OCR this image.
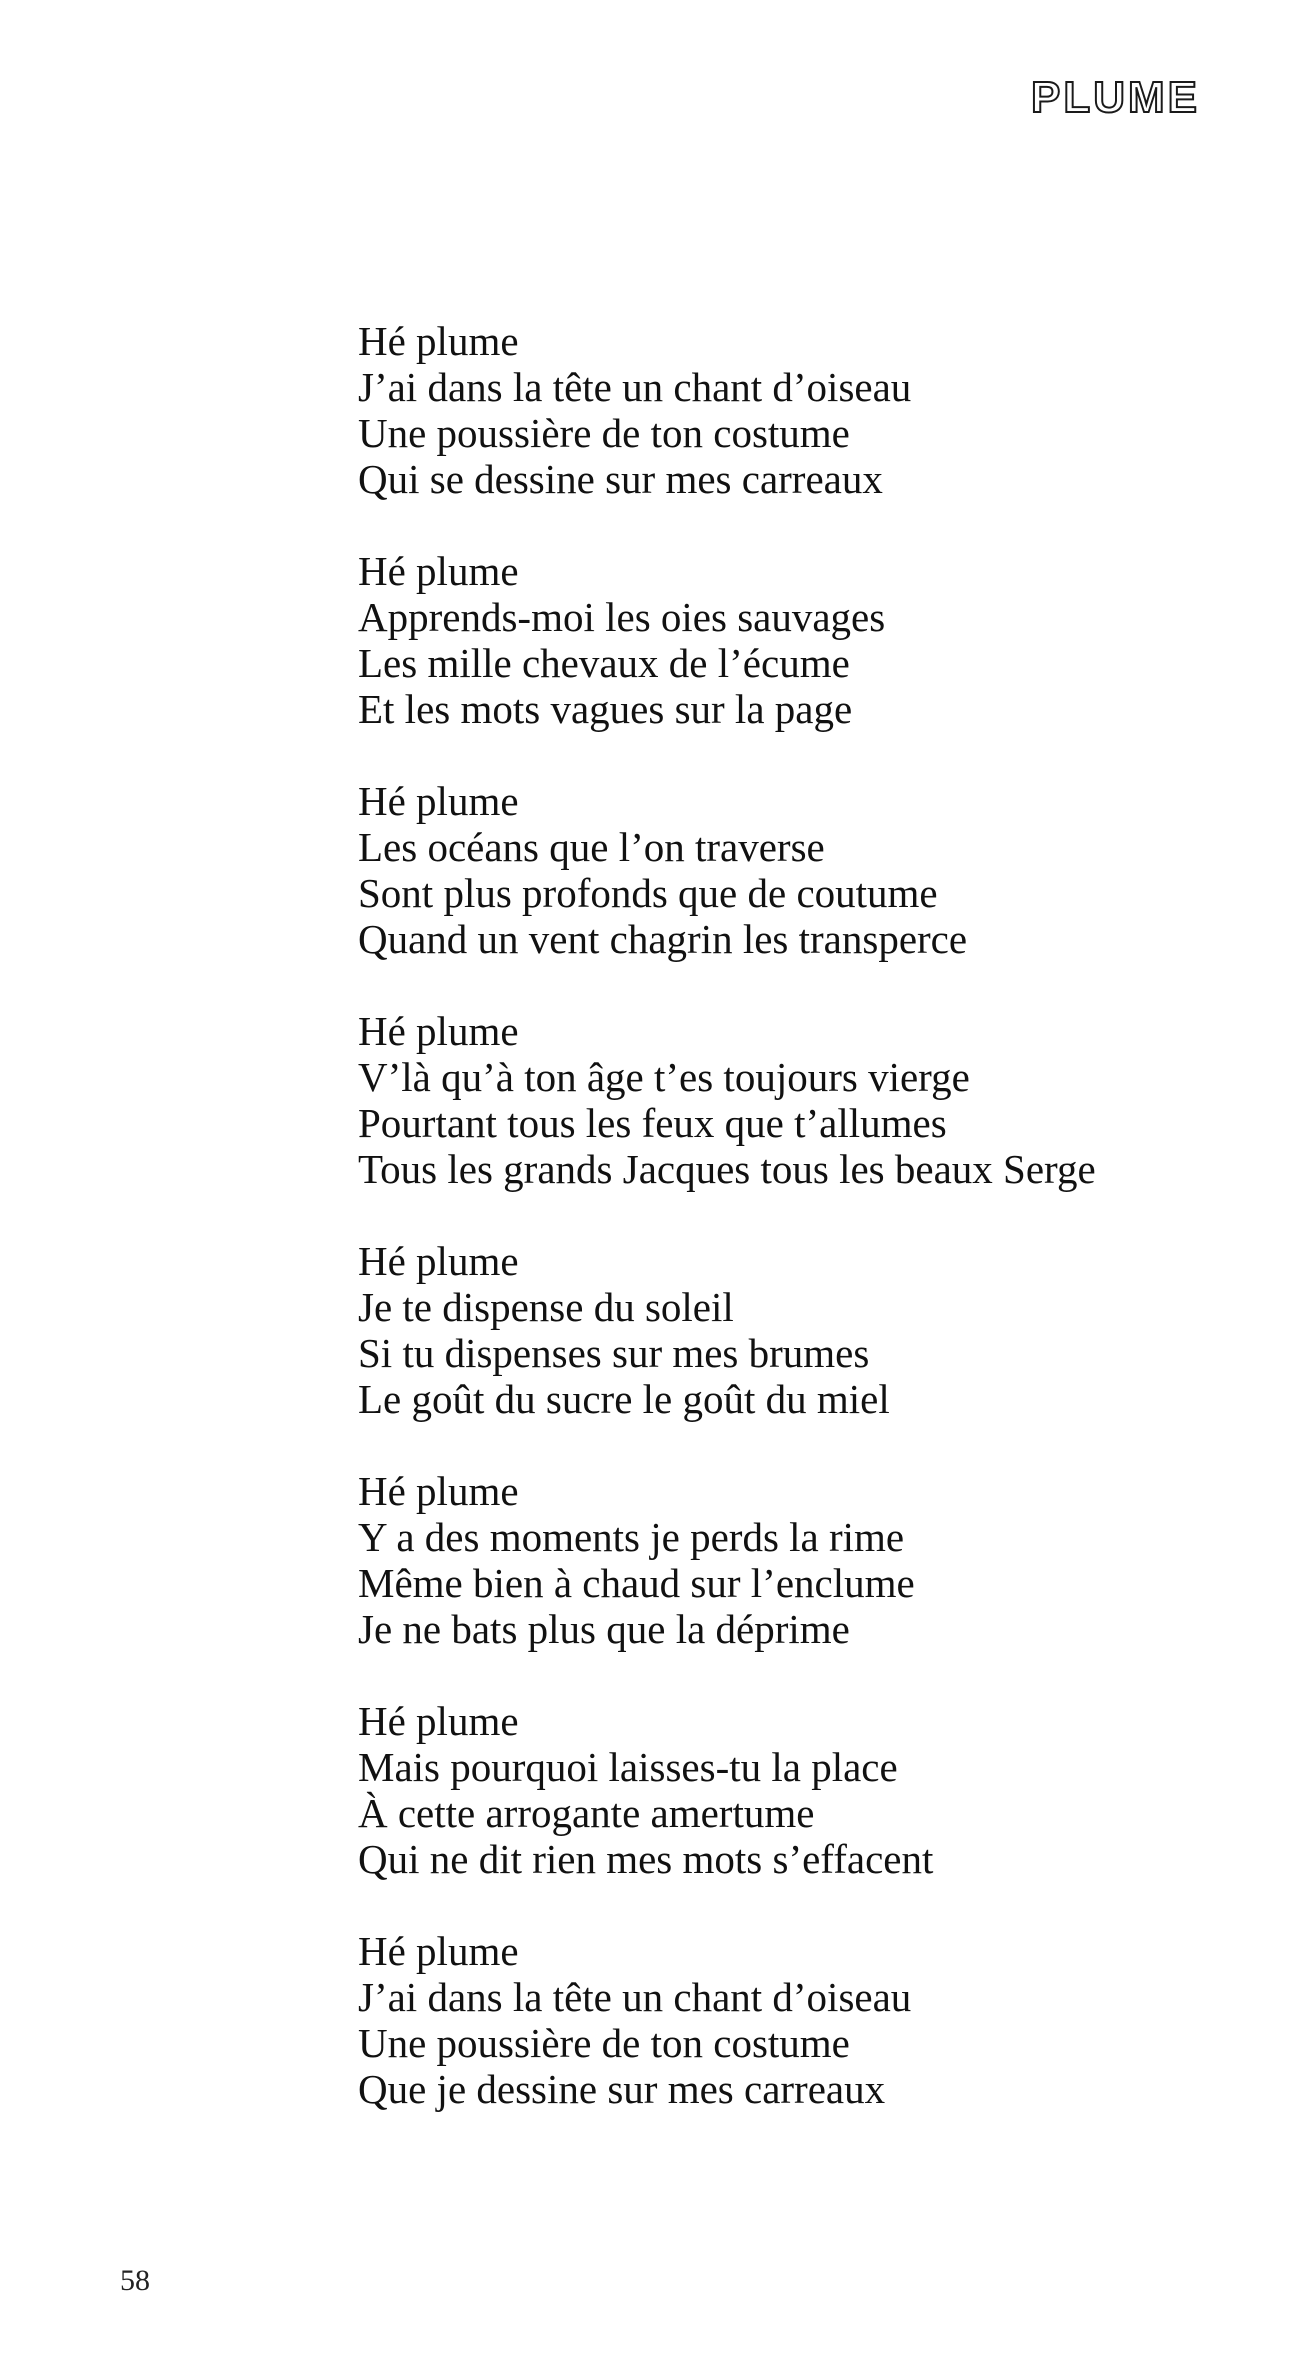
PLUME
Hé plume
J’ai dans la tête un chant d’oiseau
Une poussière de ton costume
Qui se dessine sur mes carreaux
Hé plume
Apprends-moi les oies sauvages
Les mille chevaux de l’écume
Et les mots vagues sur la page
Hé plume
Les océans que l’on traverse
Sont plus profonds que de coutume
Quand un vent chagrin les transperce
Hé plume
V’là qu’à ton âge t’es toujours vierge
Pourtant tous les feux que t’allumes
Tous les grands Jacques tous les beaux Serge
Hé plume
Je te dispense du soleil
Si tu dispenses sur mes brumes
Le goût du sucre le goût du miel
Hé plume
Y a des moments je perds la rime
Même bien à chaud sur l’enclume
Je ne bats plus que la déprime
Hé plume
Mais pourquoi laisses-tu la place
À cette arrogante amertume
Qui ne dit rien mes mots s’effacent
Hé plume
J’ai dans la tête un chant d’oiseau
Une poussière de ton costume
Que je dessine sur mes carreaux
58
